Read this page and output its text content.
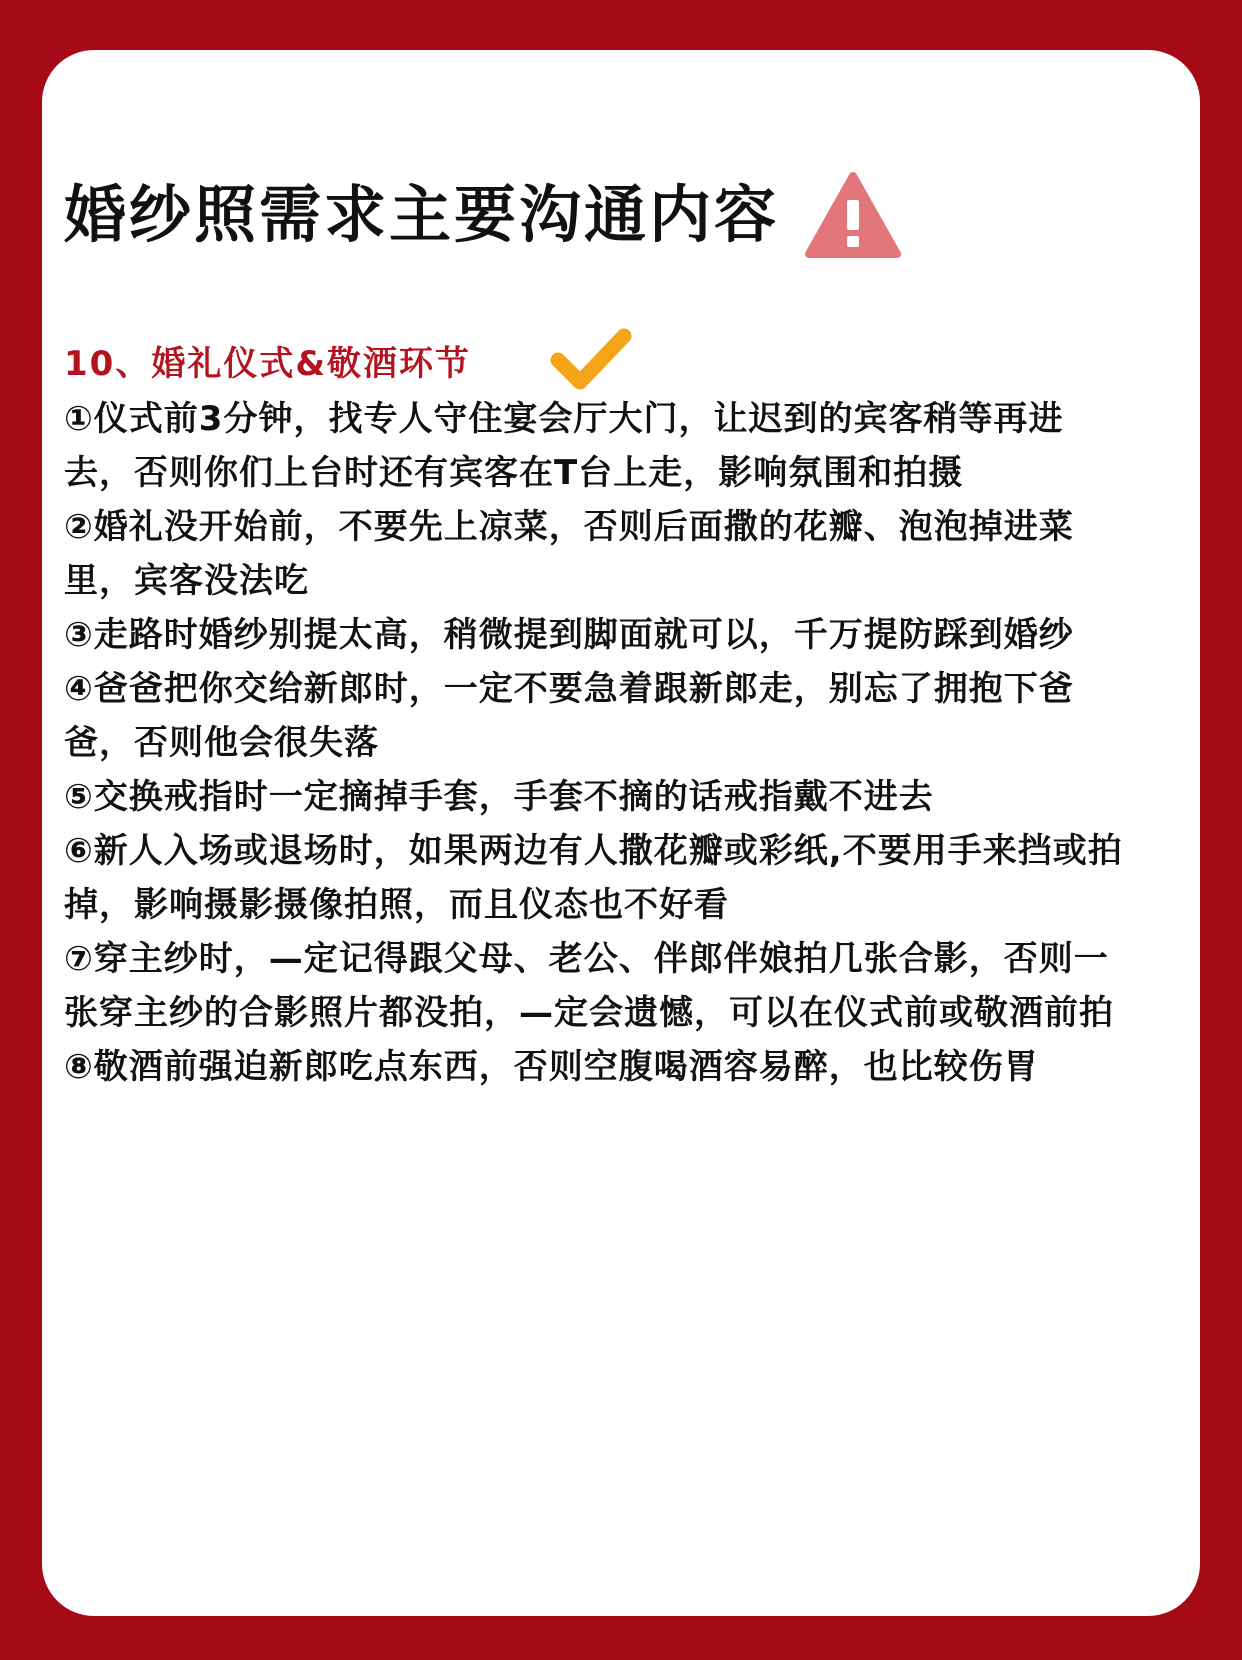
婚纱照需求主要沟通内容
10、婚礼仪式&敬酒环节

①仪式前3分钟，找专人守住宴会厅大门，让迟到的宾客稍等再进去，否则你们上台时还有宾客在T台上走，影响氛围和拍摄

②婚礼没开始前，不要先上凉菜，否则后面撒的花瓣、泡泡掉进菜里，宾客没法吃

③走路时婚纱别提太高，稍微提到脚面就可以，千万提防踩到婚纱

④爸爸把你交给新郎时，一定不要急着跟新郎走，别忘了拥抱下爸爸，否则他会很失落

⑤交换戒指时一定摘掉手套，手套不摘的话戒指戴不进去

⑥新人入场或退场时，如果两边有人撒花瓣或彩纸,不要用手来挡或拍掉，影响摄影摄像拍照，而且仪态也不好看

⑦穿主纱时，—定记得跟父母、老公、伴郎伴娘拍几张合影，否则一张穿主纱的合影照片都没拍，—定会遗憾，可以在仪式前或敬酒前拍

⑧敬酒前强迫新郎吃点东西，否则空腹喝酒容易醉，也比较伤胃
